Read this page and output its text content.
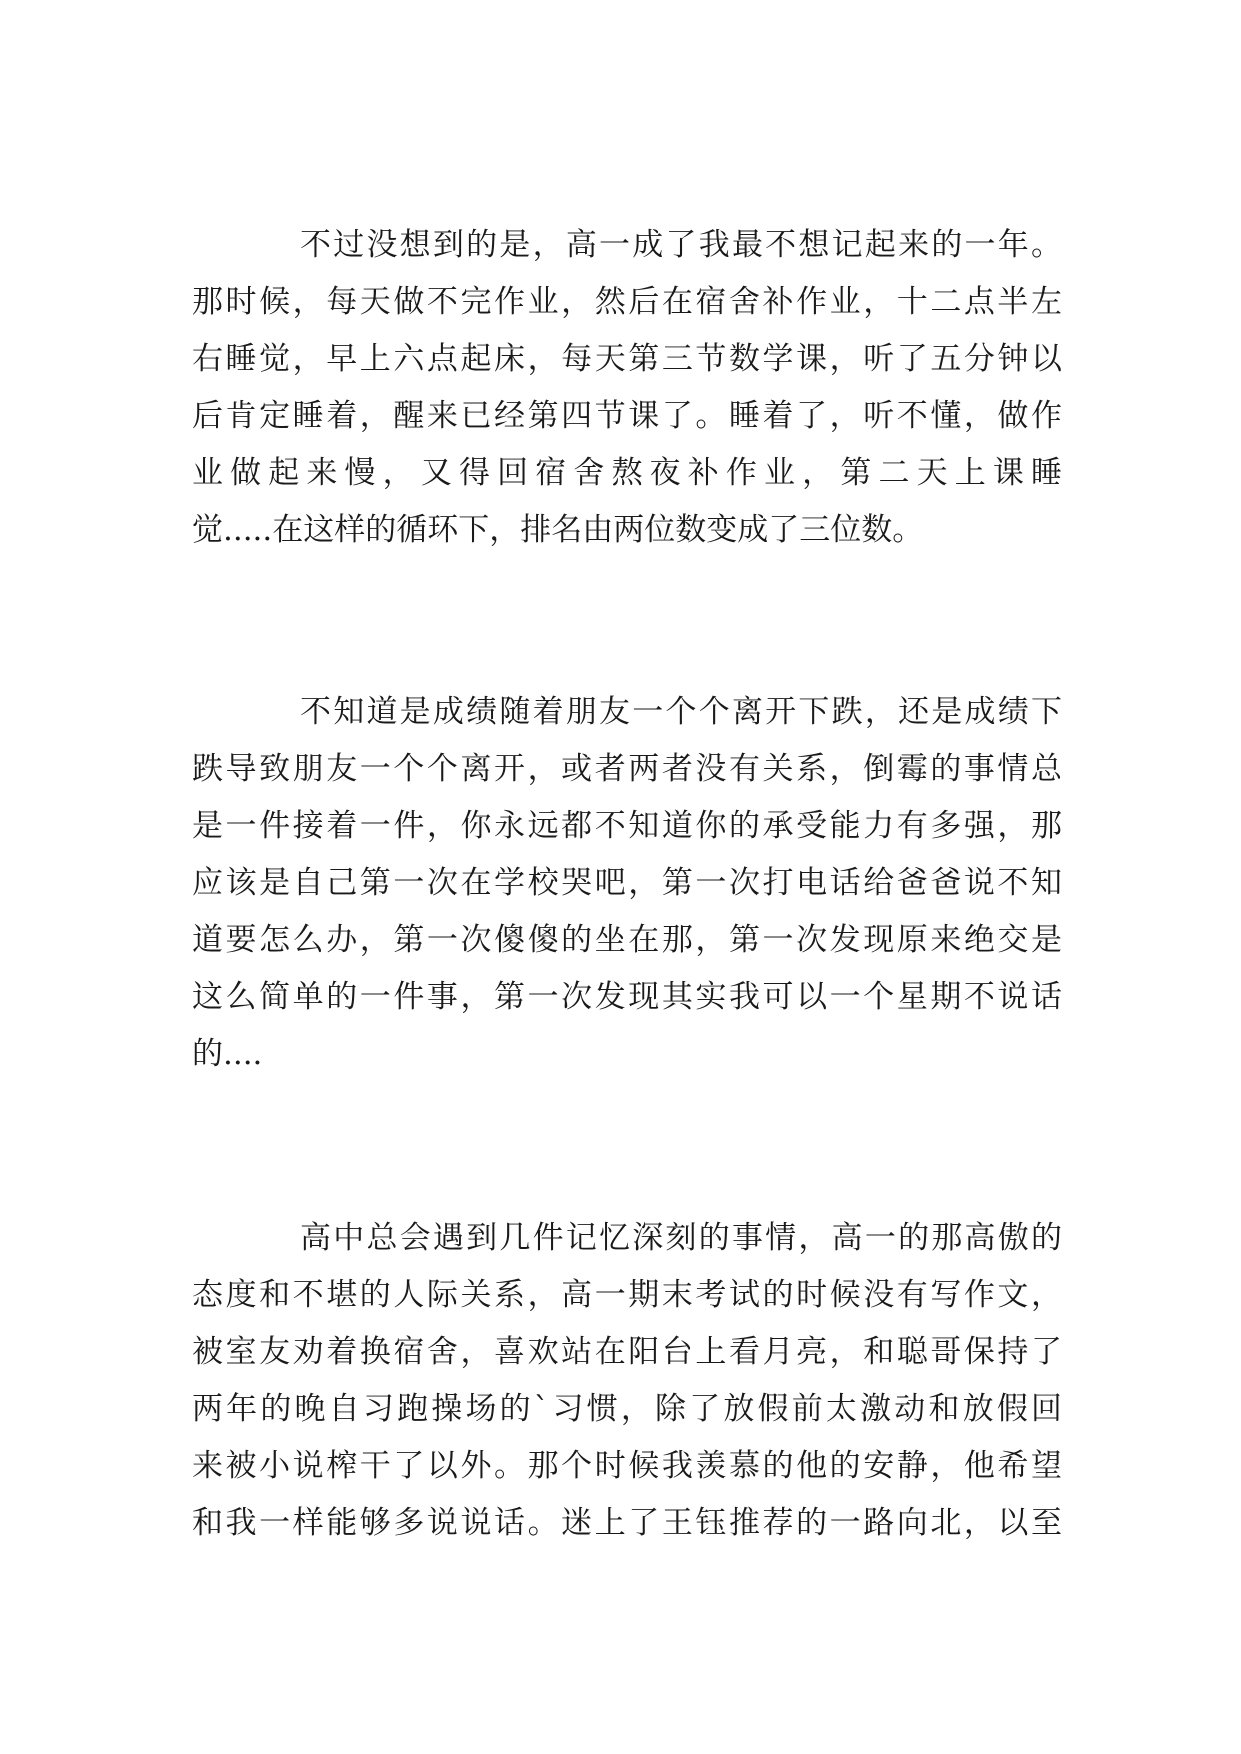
不过没想到的是，高一成了我最不想记起来的一年。
那时候，每天做不完作业，然后在宿舍补作业，十二点半左
右睡觉，早上六点起床，每天第三节数学课，听了五分钟以
后肯定睡着，醒来已经第四节课了。睡着了，听不懂，做作
业做起来慢，又得回宿舍熬夜补作业，第二天上课睡
觉.....在这样的循环下，排名由两位数变成了三位数。
不知道是成绩随着朋友一个个离开下跌，还是成绩下
跌导致朋友一个个离开，或者两者没有关系，倒霉的事情总
是一件接着一件，你永远都不知道你的承受能力有多强，那
应该是自己第一次在学校哭吧，第一次打电话给爸爸说不知
道要怎么办，第一次傻傻的坐在那，第一次发现原来绝交是
这么简单的一件事，第一次发现其实我可以一个星期不说话
的....
高中总会遇到几件记忆深刻的事情，高一的那高傲的
态度和不堪的人际关系，高一期末考试的时候没有写作文，
被室友劝着换宿舍，喜欢站在阳台上看月亮，和聪哥保持了
两年的晚自习跑操场的`习惯，除了放假前太激动和放假回
来被小说榨干了以外。那个时候我羡慕的他的安静，他希望
和我一样能够多说说话。迷上了王钰推荐的一路向北，以至
